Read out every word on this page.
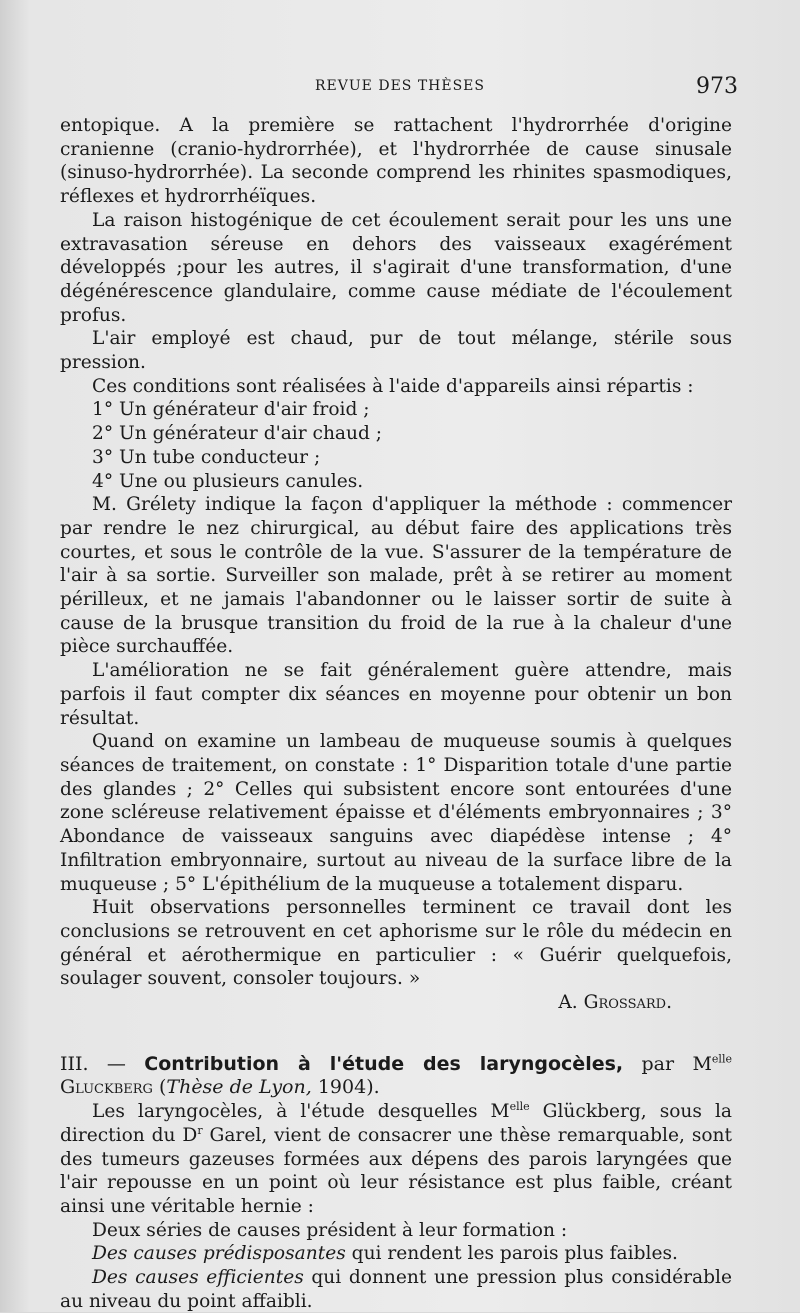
REVUE DES THÈSES	973

entopique. A la première se rattachent l'hydrorrhée d'origine cranienne (cranio-hydrorrhée), et l'hydrorrhée de cause sinusale (sinuso-hydrorrhée). La seconde comprend les rhinites spasmodiques, réflexes et hydrorrhéïques.

La raison histogénique de cet écoulement serait pour les uns une extravasation séreuse en dehors des vaisseaux exagérément développés ;pour les autres, il s'agirait d'une transformation, d'une dégénérescence glandulaire, comme cause médiate de l'écoulement profus.

L'air employé est chaud, pur de tout mélange, stérile sous pression.

Ces conditions sont réalisées à l'aide d'appareils ainsi répartis :

1° Un générateur d'air froid ;

2° Un générateur d'air chaud ;

3° Un tube conducteur ;

4° Une ou plusieurs canules.

M. Grélety indique la façon d'appliquer la méthode : commencer par rendre le nez chirurgical, au début faire des applications très courtes, et sous le contrôle de la vue. S'assurer de la température de l'air à sa sortie. Surveiller son malade, prêt à se retirer au moment périlleux, et ne jamais l'abandonner ou le laisser sortir de suite à cause de la brusque transition du froid de la rue à la chaleur d'une pièce surchauffée.

L'amélioration ne se fait généralement guère attendre, mais parfois il faut compter dix séances en moyenne pour obtenir un bon résultat.

Quand on examine un lambeau de muqueuse soumis à quelques séances de traitement, on constate : 1° Disparition totale d'une partie des glandes ; 2° Celles qui subsistent encore sont entourées d'une zone scléreuse relativement épaisse et d'éléments embryonnaires ; 3° Abondance de vaisseaux sanguins avec diapédèse intense ; 4° Infiltration embryonnaire, surtout au niveau de la surface libre de la muqueuse ; 5° L'épithélium de la muqueuse a totalement disparu.

Huit observations personnelles terminent ce travail dont les conclusions se retrouvent en cet aphorisme sur le rôle du médecin en général et aérothermique en particulier : « Guérir quelquefois, soulager souvent, consoler toujours. »

A. Grossard.

III. — Contribution à l'étude des laryngocèles, par $M^{elle}$ Gluckberg (Thèse de Lyon, 1904).

Les laryngocèles, à l'étude desquelles $M^{elle}$ Glückberg, sous la direction du $D^r$ Garel, vient de consacrer une thèse remarquable, sont des tumeurs gazeuses formées aux dépens des parois laryngées que l'air repousse en un point où leur résistance est plus faible, créant ainsi une véritable hernie :

Deux séries de causes président à leur formation :

Des causes prédisposantes qui rendent les parois plus faibles.

Des causes efficientes qui donnent une pression plus considérable au niveau du point affaibli.
